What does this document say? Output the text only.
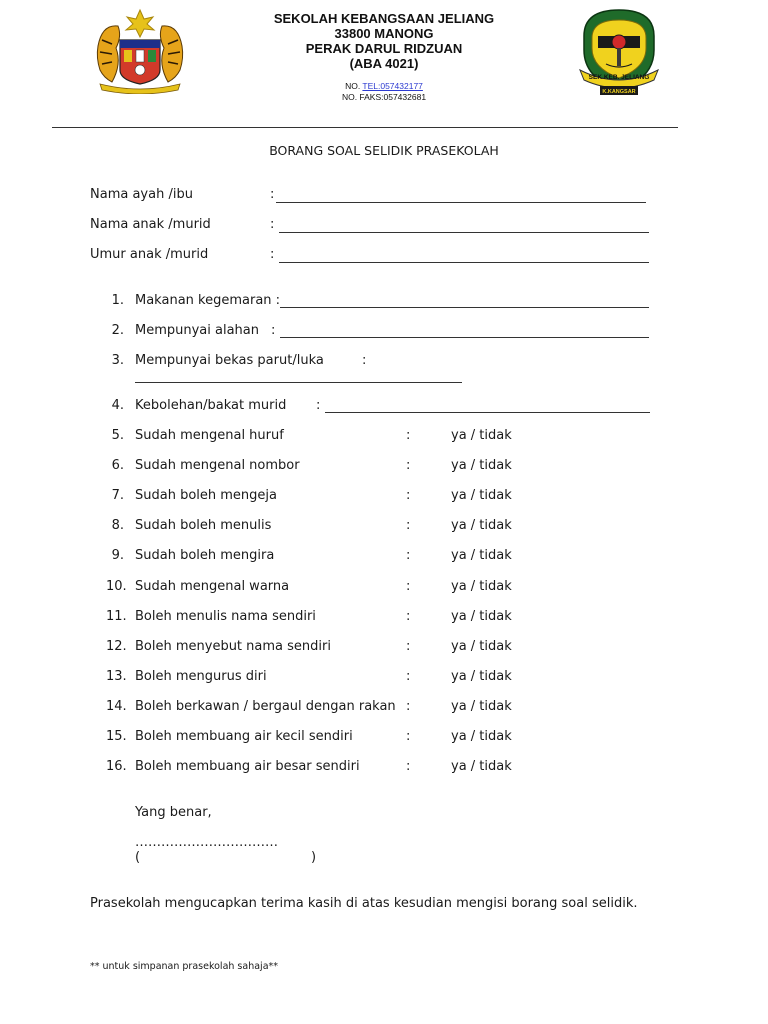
SEK.KEB. JELIANG
K.KANGSAR
SEKOLAH KEBANGSAAN JELIANG
33800 MANONG
PERAK DARUL RIDZUAN
(ABA 4021)
NO. TEL:057432177
NO. FAKS:057432681
BORANG SOAL SELIDIK PRASEKOLAH
Nama ayah /ibu	:
Nama anak /murid	:
Umur anak /murid	:
1. Makanan kegemaran :
2. Mempunyai alahan :
3. Mempunyai bekas parut/luka	:
4. Kebolehan/bakat murid :
5. Sudah mengenal huruf	:	ya / tidak
6. Sudah mengenal nombor	:	ya / tidak
7. Sudah boleh mengeja	:	ya / tidak
8. Sudah boleh menulis	:	ya / tidak
9. Sudah boleh mengira	:	ya / tidak
10. Sudah mengenal warna	:	ya / tidak
11. Boleh menulis nama sendiri	:	ya / tidak
12. Boleh menyebut nama sendiri	:	ya / tidak
13. Boleh mengurus diri	:	ya / tidak
14. Boleh berkawan / bergaul dengan rakan :	ya / tidak
15. Boleh membuang air kecil sendiri	:	ya / tidak
16. Boleh membuang air besar sendiri	:	ya / tidak
Yang benar,
……………………………
(	)
Prasekolah mengucapkan terima kasih di atas kesudian mengisi borang soal selidik.
** untuk simpanan prasekolah sahaja**
